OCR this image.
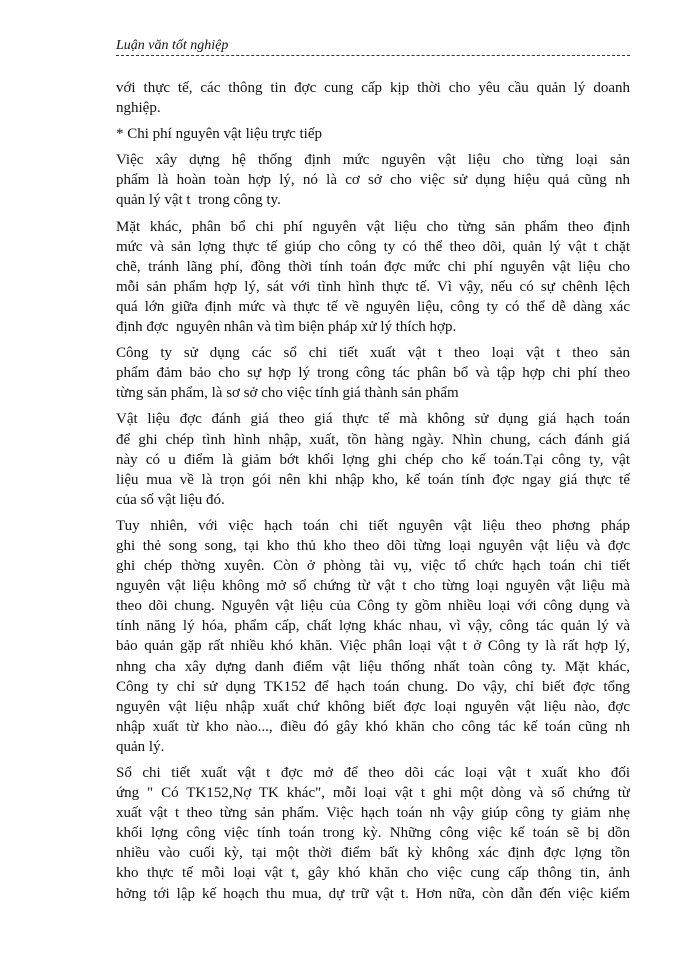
Luận văn tốt nghiệp
với thực tế, các thông tin đợc cung cấp kịp thời cho yêu cầu quản lý doanh
nghiệp.
* Chi phí nguyên vật liệu trực tiếp
Việc xây dựng hệ thống định mức nguyên vật liệu cho từng loại sản
phẩm là hoàn toàn hợp lý, nó là cơ sở cho việc sử dụng hiệu quả cũng nh
quản lý vật t  trong công ty.
Mặt khác, phân bổ chi phí nguyên vật liệu cho từng sản phẩm theo định
mức và sản lợng thực tế giúp cho công ty có thể theo dõi, quản lý vật t chặt
chẽ, tránh lãng phí, đồng thời tính toán đợc mức chi phí nguyên vật liệu cho
mỗi sản phẩm hợp lý, sát với tình hình thực tế. Vì vậy, nếu có sự chênh lệch
quá lớn giữa định mức và thực tế về nguyên liệu, công ty có thể dễ dàng xác
định đợc  nguyên nhân và tìm biện pháp xử lý thích hợp.
Công ty sử dụng các sổ chi tiết xuất vật t theo loại vật t theo sản
phẩm đảm bảo cho sự hợp lý trong công tác phân bổ và tập hợp chi phí theo
từng sản phẩm, là sơ sở cho việc tính giá thành sản phẩm
Vật liệu đợc đánh giá theo giá thực tế mà không sử dụng giá hạch toán
để ghi chép tình hình nhập, xuất, tồn hàng ngày. Nhìn chung, cách đánh giá
này có u điểm là giảm bớt khối lợng ghi chép cho kế toán.Tại công ty, vật
liệu mua về là trọn gói nên khi nhập kho, kế toán tính đợc ngay giá thực tế
của số vật liệu đó.
Tuy nhiên, với việc hạch toán chi tiết nguyên vật liệu theo phơng pháp
ghi thẻ song song, tại kho thủ kho theo dõi từng loại nguyên vật liệu và đợc
ghi chép thờng xuyên. Còn ở phòng tài vụ, việc tổ chức hạch toán chi tiết
nguyên vật liệu không mở sổ chứng từ vật t cho từng loại nguyên vật liệu mà
theo dõi chung. Nguyên vật liệu của Công ty gồm nhiều loại với công dụng và
tính năng lý hóa, phẩm cấp, chất lợng khác nhau, vì vậy, công tác quản lý và
bảo quản gặp rất nhiều khó khăn. Việc phân loại vật t ở Công ty là rất hợp lý,
nhng cha xây dựng danh điểm vật liệu thống nhất toàn công ty. Mặt khác,
Công ty chỉ sử dụng TK152 để hạch toán chung. Do vậy, chỉ biết đợc tổng
nguyên vật liệu nhập xuất chứ không biết đợc loại nguyên vật liệu nào, đợc
nhập xuất từ kho nào..., điều đó gây khó khăn cho công tác kế toán cũng nh
quản lý.
Sổ chi tiết xuất vật t đợc mở để theo dõi các loại vật t xuất kho đối
ứng " Có TK152,Nợ TK khác", mỗi loại vật t ghi một dòng và số chứng từ
xuất vật t theo từng sản phẩm. Việc hạch toán nh vậy giúp công ty giảm nhẹ
khối lợng công việc tính toán trong kỳ. Những công việc kế toán sẽ bị dồn
nhiều vào cuối kỳ, tại một thời điểm bất kỳ không xác định đợc lợng tồn
kho thực tế mỗi loại vật t, gây khó khăn cho việc cung cấp thông tin, ảnh
hởng tới lập kế hoạch thu mua, dự trữ vật t. Hơn nữa, còn dẫn đến việc kiểm
